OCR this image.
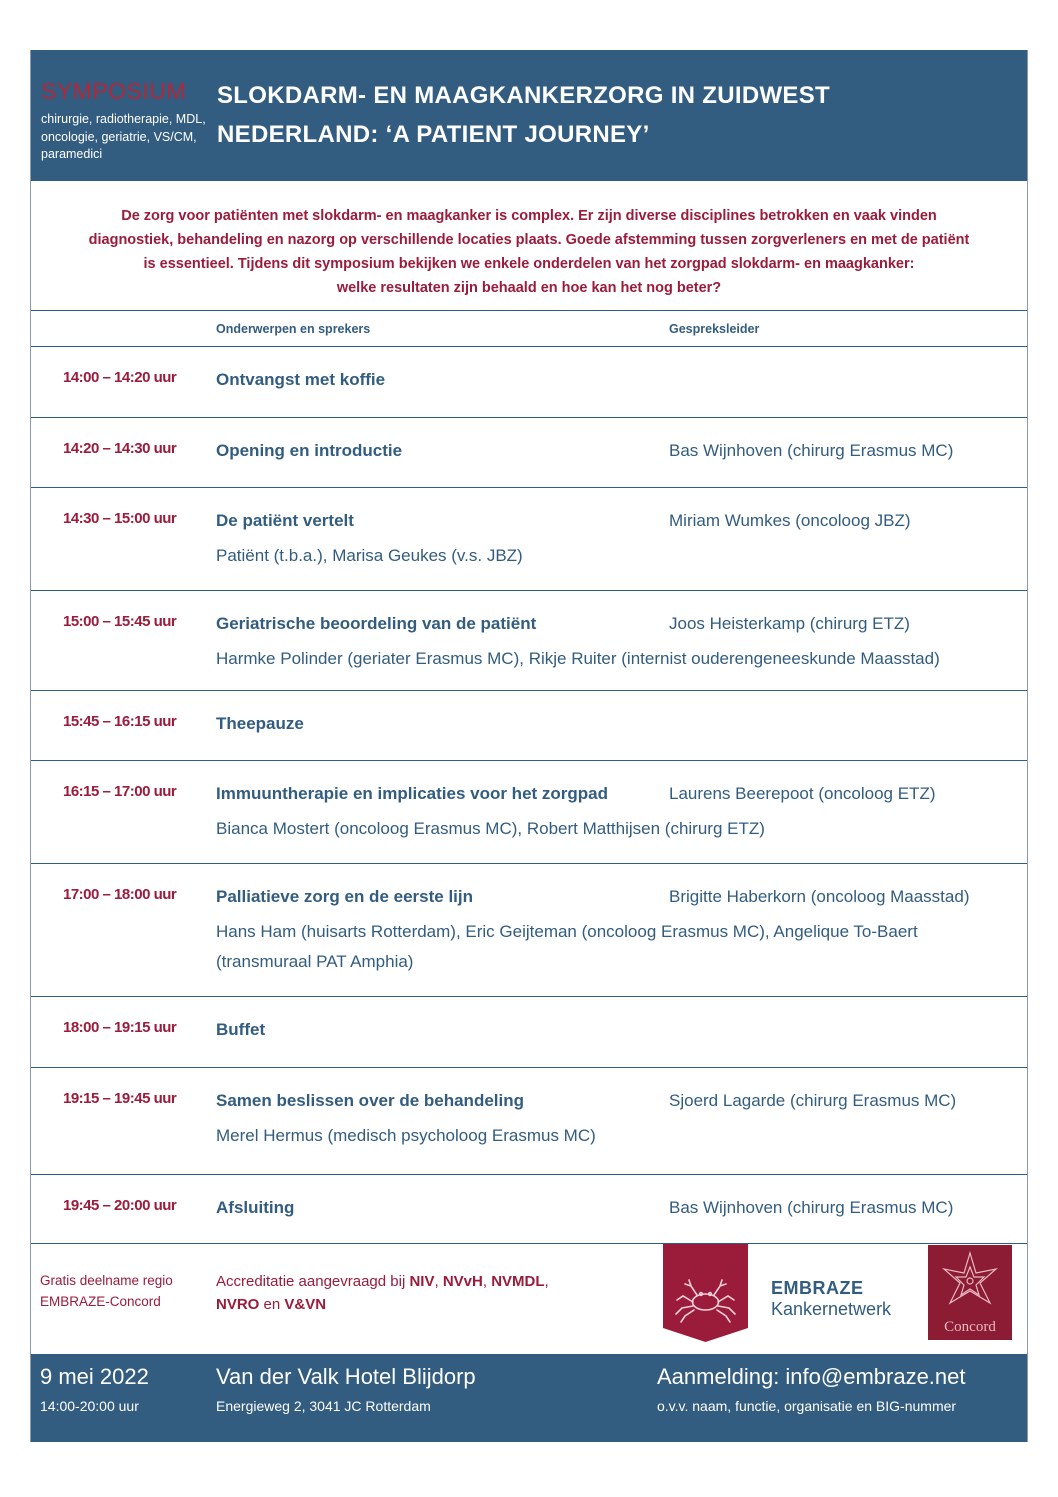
SYMPOSIUM
chirurgie, radiotherapie, MDL, oncologie, geriatrie, VS/CM, paramedici
SLOKDARM- EN MAAGKANKERZORG IN ZUIDWEST
NEDERLAND: ‘A PATIENT JOURNEY’
De zorg voor patiënten met slokdarm- en maagkanker is complex. Er zijn diverse disciplines betrokken en vaak vinden
diagnostiek, behandeling en nazorg op verschillende locaties plaats. Goede afstemming tussen zorgverleners en met de patiënt
is essentieel. Tijdens dit symposium bekijken we enkele onderdelen van het zorgpad slokdarm- en maagkanker:
welke resultaten zijn behaald en hoe kan het nog beter?
Onderwerpen en sprekers	Gespreksleider
14:00 – 14:20 uur Ontvangst met koffie
14:20 – 14:30 uur Opening en introductie	Bas Wijnhoven (chirurg Erasmus MC)
14:30 – 15:00 uur De patiënt vertelt	Miriam Wumkes (oncoloog JBZ)
Patiënt (t.b.a.), Marisa Geukes (v.s. JBZ)
15:00 – 15:45 uur Geriatrische beoordeling van de patiënt	Joos Heisterkamp (chirurg ETZ)
Harmke Polinder (geriater Erasmus MC), Rikje Ruiter (internist ouderengeneeskunde Maasstad)
15:45 – 16:15 uur Theepauze
16:15 – 17:00 uur Immuuntherapie en implicaties voor het zorgpad	Laurens Beerepoot (oncoloog ETZ)
Bianca Mostert (oncoloog Erasmus MC), Robert Matthijsen (chirurg ETZ)
17:00 – 18:00 uur Palliatieve zorg en de eerste lijn	Brigitte Haberkorn (oncoloog Maasstad)
Hans Ham (huisarts Rotterdam), Eric Geijteman (oncoloog Erasmus MC), Angelique To-Baert (transmuraal PAT Amphia)
18:00 – 19:15 uur Buffet
19:15 – 19:45 uur Samen beslissen over de behandeling	Sjoerd Lagarde (chirurg Erasmus MC)
Merel Hermus (medisch psycholoog Erasmus MC)
19:45 – 20:00 uur Afsluiting	Bas Wijnhoven (chirurg Erasmus MC)
Gratis deelname regio
EMBRAZE-Concord
Accreditatie aangevraagd bij NIV, NVvH, NVMDL,
NVRO en V&VN
EMBRAZE
Kankernetwerk
Concord
9 mei 2022
14:00-20:00 uur
Van der Valk Hotel Blijdorp
Energieweg 2, 3041 JC Rotterdam
Aanmelding: info@embraze.net
o.v.v. naam, functie, organisatie en BIG-nummer
